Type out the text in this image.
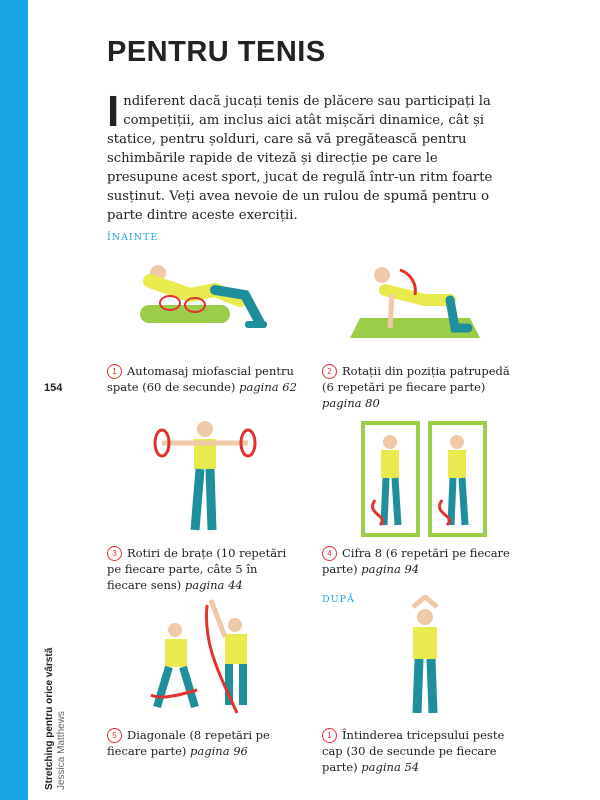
154
Stretching pentru orice vârstă Jessica Matthews
PENTRU TENIS

Indiferent dacă jucați tenis de plăcere sau participați la competiții, am inclus aici atât mișcări dinamice, cât și statice, pentru șolduri, care să vă pregătească pentru schimbările rapide de viteză și direcție pe care le presupune acest sport, jucat de regulă într-un ritm foarte susținut. Veți avea nevoie de un rulou de spumă pentru o parte dintre aceste exerciții.

ÎNAINTE
DUPĂ
1 Automasaj miofascial pentru spate (60 de secunde) pagina 62
2 Rotații din poziția patrupedă (6 repetări pe fiecare parte) pagina 80
3 Rotiri de brațe (10 repetări pe fiecare parte, câte 5 în fiecare sens) pagina 44
4 Cifra 8 (6 repetări pe fiecare parte) pagina 94
5 Diagonale (8 repetări pe fiecare parte) pagina 96
1 Întinderea tricepsului peste cap (30 de secunde pe fiecare parte) pagina 54
